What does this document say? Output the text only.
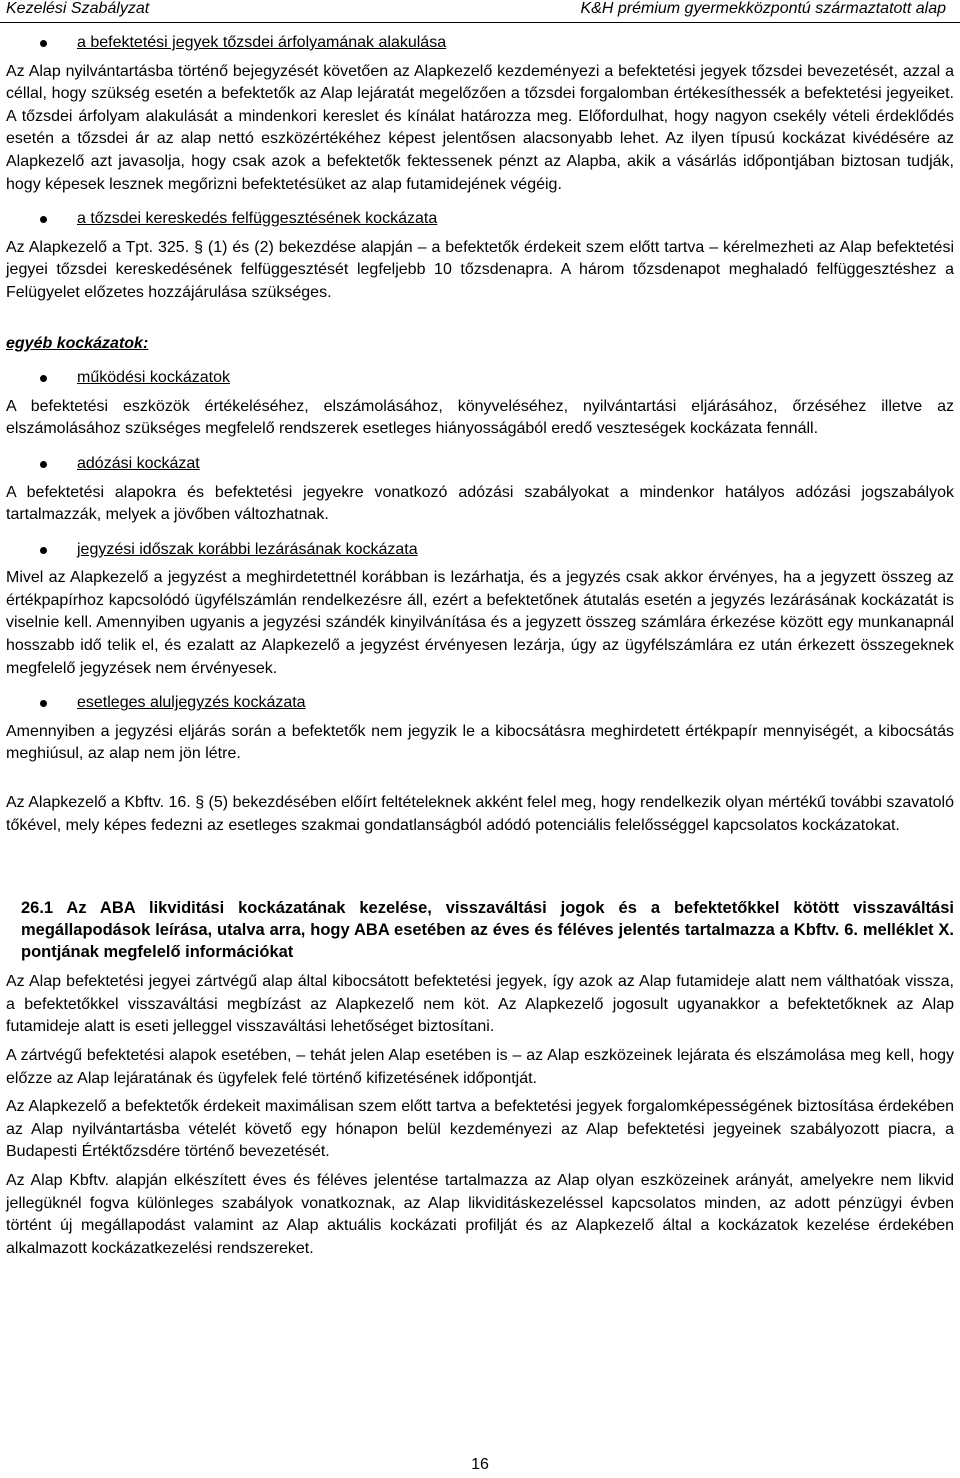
Kezelési Szabályzat	K&H prémium gyermekközpontú származtatott alap
a befektetési jegyek tőzsdei árfolyamának alakulása

Az Alap nyilvántartásba történő bejegyzését követően az Alapkezelő kezdeményezi a befektetési jegyek tőzsdei bevezetését, azzal a céllal, hogy szükség esetén a befektetők az Alap lejáratát megelőzően a tőzsdei forgalomban értékesíthessék a befektetési jegyeiket. A tőzsdei árfolyam alakulását a mindenkori kereslet és kínálat határozza meg. Előfordulhat, hogy nagyon csekély vételi érdeklődés esetén a tőzsdei ár az alap nettó eszközértékéhez képest jelentősen alacsonyabb lehet. Az ilyen típusú kockázat kivédésére az Alapkezelő azt javasolja, hogy csak azok a befektetők fektessenek pénzt az Alapba, akik a vásárlás időpontjában biztosan tudják, hogy képesek lesznek megőrizni befektetésüket az alap futamidejének végéig.

a tőzsdei kereskedés felfüggesztésének kockázata

Az Alapkezelő a Tpt. 325. § (1) és (2) bekezdése alapján – a befektetők érdekeit szem előtt tartva – kérelmezheti az Alap befektetési jegyei tőzsdei kereskedésének felfüggesztését legfeljebb 10 tőzsdenapra. A három tőzsdenapot meghaladó felfüggesztéshez a Felügyelet előzetes hozzájárulása szükséges.

egyéb kockázatok:

működési kockázatok

A befektetési eszközök értékeléséhez, elszámolásához, könyveléséhez, nyilvántartási eljárásához, őrzéséhez illetve az elszámolásához szükséges megfelelő rendszerek esetleges hiányosságából eredő veszteségek kockázata fennáll.

adózási kockázat

A befektetési alapokra és befektetési jegyekre vonatkozó adózási szabályokat a mindenkor hatályos adózási jogszabályok tartalmazzák, melyek a jövőben változhatnak.

jegyzési időszak korábbi lezárásának kockázata

Mivel az Alapkezelő a jegyzést a meghirdetettnél korábban is lezárhatja, és a jegyzés csak akkor érvényes, ha a jegyzett összeg az értékpapírhoz kapcsolódó ügyfélszámlán rendelkezésre áll, ezért a befektetőnek átutalás esetén a jegyzés lezárásának kockázatát is viselnie kell. Amennyiben ugyanis a jegyzési szándék kinyilvánítása és a jegyzett összeg számlára érkezése között egy munkanapnál hosszabb idő telik el, és ezalatt az Alapkezelő a jegyzést érvényesen lezárja, úgy az ügyfélszámlára ez után érkezett összegeknek megfelelő jegyzések nem érvényesek.

esetleges aluljegyzés kockázata

Amennyiben a jegyzési eljárás során a befektetők nem jegyzik le a kibocsátásra meghirdetett értékpapír mennyiségét, a kibocsátás meghiúsul, az alap nem jön létre.

Az Alapkezelő a Kbftv. 16. § (5) bekezdésében előírt feltételeknek akként felel meg, hogy rendelkezik olyan mértékű további szavatoló tőkével, mely képes fedezni az esetleges szakmai gondatlanságból adódó potenciális felelősséggel kapcsolatos kockázatokat.

26.1 Az ABA likviditási kockázatának kezelése, visszaváltási jogok és a befektetőkkel kötött visszaváltási megállapodások leírása, utalva arra, hogy ABA esetében az éves és féléves jelentés tartalmazza a Kbftv. 6. melléklet X. pontjának megfelelő információkat

Az Alap befektetési jegyei zártvégű alap által kibocsátott befektetési jegyek, így azok az Alap futamideje alatt nem válthatóak vissza, a befektetőkkel visszaváltási megbízást az Alapkezelő nem köt. Az Alapkezelő jogosult ugyanakkor a befektetőknek az Alap futamideje alatt is eseti jelleggel visszaváltási lehetőséget biztosítani.

A zártvégű befektetési alapok esetében, – tehát jelen Alap esetében is – az Alap eszközeinek lejárata és elszámolása meg kell, hogy előzze az Alap lejáratának és ügyfelek felé történő kifizetésének időpontját.

Az Alapkezelő a befektetők érdekeit maximálisan szem előtt tartva a befektetési jegyek forgalomképességének biztosítása érdekében az Alap nyilvántartásba vételét követő egy hónapon belül kezdeményezi az Alap befektetési jegyeinek szabályozott piacra, a Budapesti Értéktőzsdére történő bevezetését.

Az Alap Kbftv. alapján elkészített éves és féléves jelentése tartalmazza az Alap olyan eszközeinek arányát, amelyekre nem likvid jellegüknél fogva különleges szabályok vonatkoznak, az Alap likviditáskezeléssel kapcsolatos minden, az adott pénzügyi évben történt új megállapodást valamint az Alap aktuális kockázati profilját és az Alapkezelő által a kockázatok kezelése érdekében alkalmazott kockázatkezelési rendszereket.

16
